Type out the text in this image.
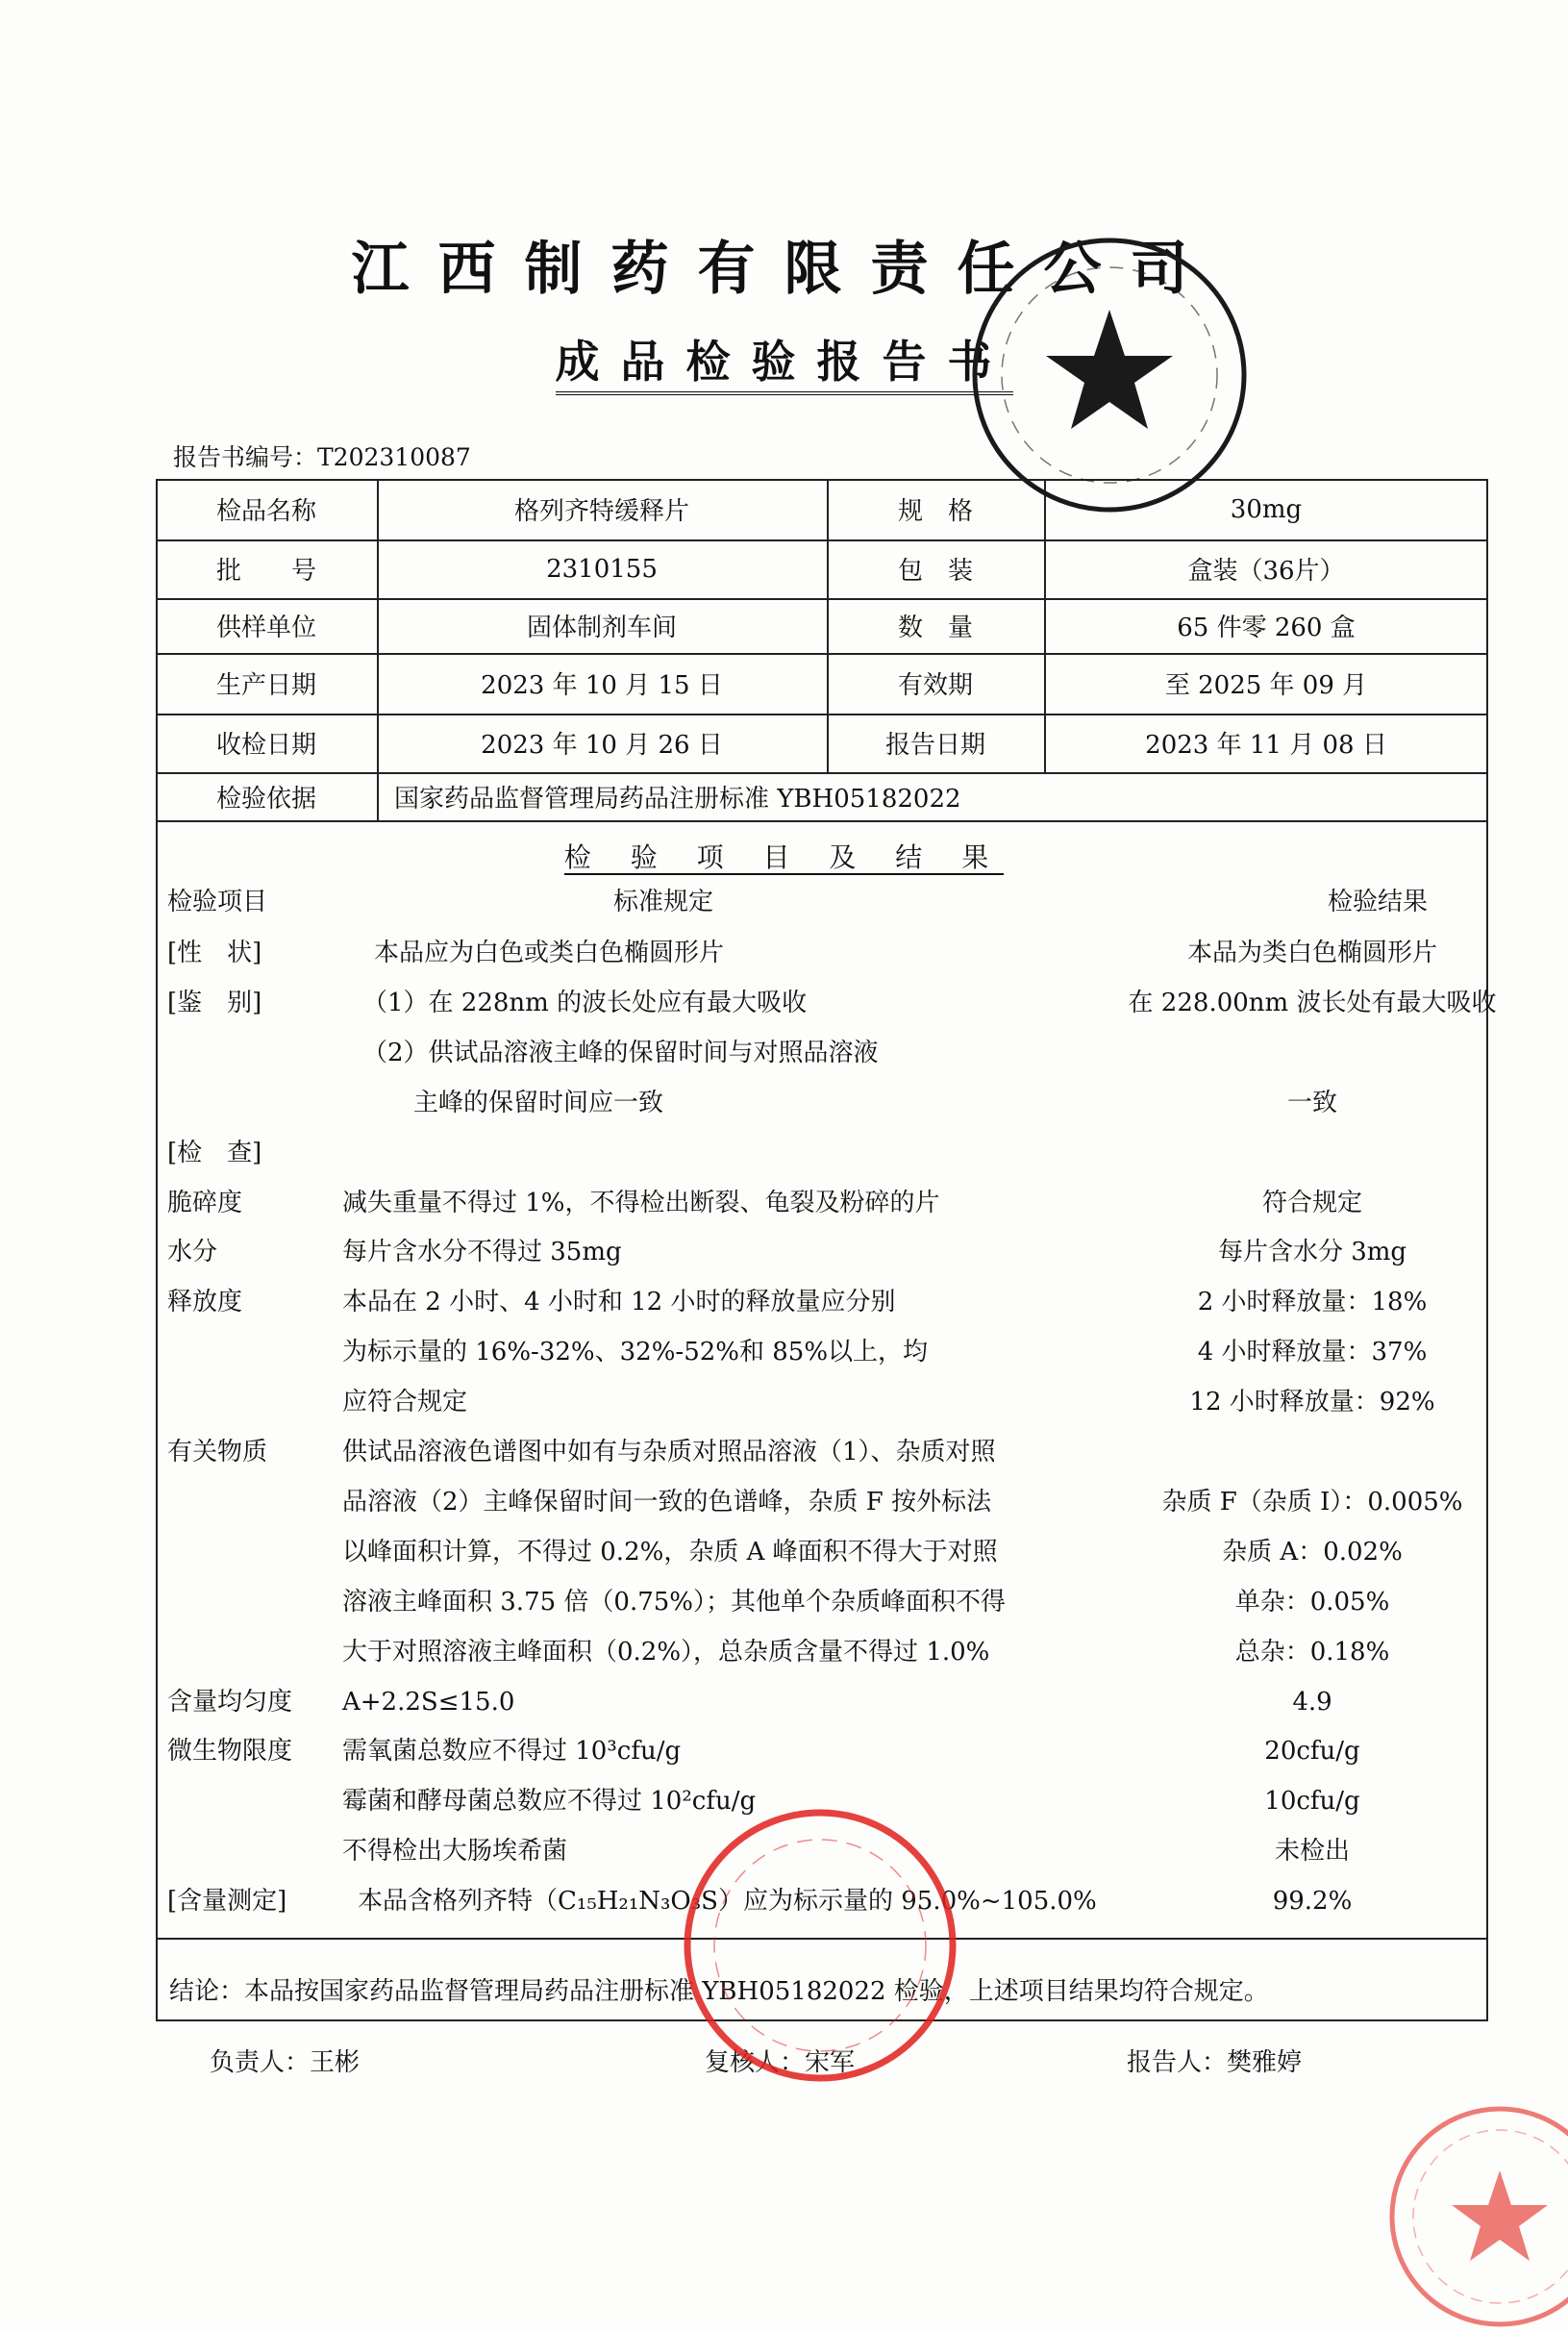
江西制药有限责任公司
成品检验报告书
报告书编号：T202310087
检品名称	格列齐特缓释片	规　格	30mg
批　　号	2310155	包　装	盒装（36片）
供样单位	固体制剂车间	数　量	65 件零 260 盒
生产日期	2023 年 10 月 15 日	有效期	至 2025 年 09 月
收检日期	2023 年 10 月 26 日	报告日期	2023 年 11 月 08 日
检验依据	国家药品监督管理局药品注册标准 YBH05182022
检 验 项 目 及 结 果
检验项目	标准规定	检验结果
[性　状]	本品应为白色或类白色椭圆形片	本品为类白色椭圆形片
[鉴　别]	（1）在 228nm 的波长处应有最大吸收	在 228.00nm 波长处有最大吸收
（2）供试品溶液主峰的保留时间与对照品溶液
主峰的保留时间应一致	一致
[检　查]
脆碎度	减失重量不得过 1%，不得检出断裂、龟裂及粉碎的片	符合规定
水分	每片含水分不得过 35mg	每片含水分 3mg
释放度	本品在 2 小时、4 小时和 12 小时的释放量应分别	2 小时释放量：18%
为标示量的 16%-32%、32%-52%和 85%以上，均	4 小时释放量：37%
应符合规定	12 小时释放量：92%
有关物质	供试品溶液色谱图中如有与杂质对照品溶液（1）、杂质对照
品溶液（2）主峰保留时间一致的色谱峰，杂质 F 按外标法	杂质 F（杂质 I）：0.005%
以峰面积计算，不得过 0.2%，杂质 A 峰面积不得大于对照	杂质 A：0.02%
溶液主峰面积 3.75 倍（0.75%）；其他单个杂质峰面积不得	单杂：0.05%
大于对照溶液主峰面积（0.2%），总杂质含量不得过 1.0%	总杂：0.18%
含量均匀度 A+2.2S≤15.0	4.9
微生物限度 需氧菌总数应不得过 10³cfu/g	20cfu/g
霉菌和酵母菌总数应不得过 10²cfu/g	10cfu/g
不得检出大肠埃希菌	未检出
[含量测定]	本品含格列齐特（C₁₅H₂₁N₃O₃S）应为标示量的 95.0%~105.0%	99.2%
结论：本品按国家药品监督管理局药品注册标准 YBH05182022 检验，上述项目结果均符合规定。
负责人：王彬	复核人：宋军	报告人：樊雅婷
